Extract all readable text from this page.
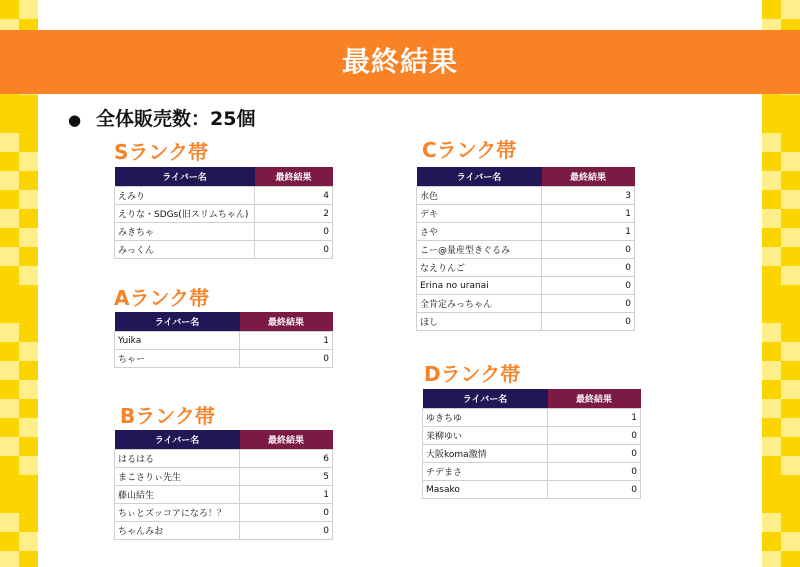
最終結果
● 全体販売数：25個
Sランク帯
ライバー名	最終結果
えみり	4
えりな・SDGs(旧スリムちゃん)	2
みきちゃ	0
みっくん	0
Aランク帯
ライバー名	最終結果
Yuika	1
ちゃー	0
Bランク帯
ライバー名	最終結果
はるはる	6
まこさりぃ先生	5
藤山結生	1
ちぃとズッコアになろ！？	0
ちゃんみお	0
Cランク帯
ライバー名	最終結果
水色	3
デキ	1
さや	1
こー@量産型きぐるみ	0
なえりんご	0
Erina no uranai	0
全肯定みっちゃん	0
ほし	0
Dランク帯
ライバー名	最終結果
ゆきちゆ	1
茉柳ゆい	0
大阪koma激情	0
チデまさ	0
Masako	0
